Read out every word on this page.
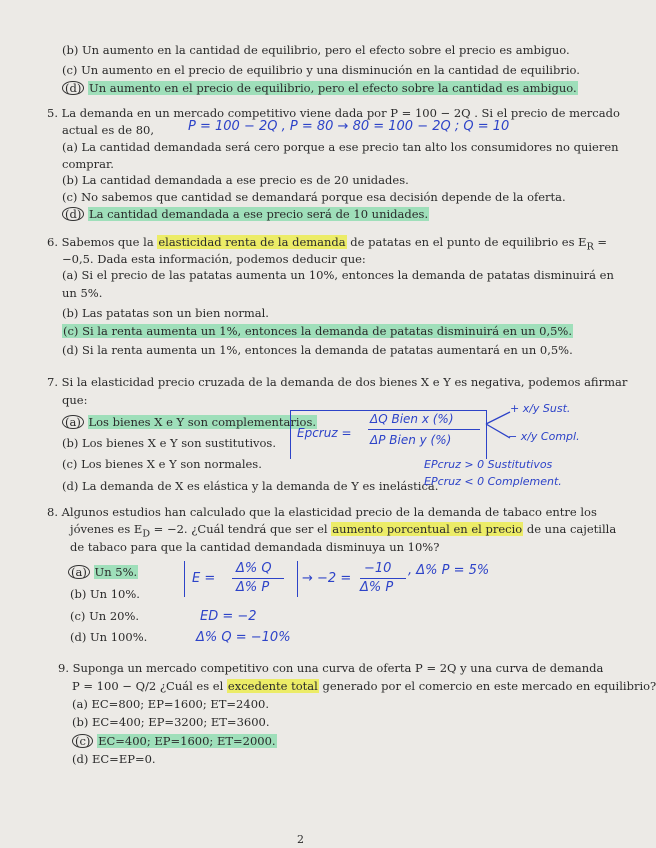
(b) Un aumento en la cantidad de equilibrio, pero el efecto sobre el precio es ambiguo.
(c) Un aumento en el precio de equilibrio y una disminución en la cantidad de equilibrio.
(d) Un aumento en el precio de equilibrio, pero el efecto sobre la cantidad es ambiguo.
5. La demanda en un mercado competitivo viene dada por P = 100 − 2Q . Si el precio de mercado
actual es de 80,	P = 100 − 2Q , P = 80 → 80 = 100 − 2Q ; Q = 10
(a) La cantidad demandada será cero porque a ese precio tan alto los consumidores no quieren
comprar.
(b) La cantidad demandada a ese precio es de 20 unidades.
(c) No sabemos que cantidad se demandará porque esa decisión depende de la oferta.
(d) La cantidad demandada a ese precio será de 10 unidades.
6. Sabemos que la elasticidad renta de la demanda de patatas en el punto de equilibrio es $E_R$ =
−0,5. Dada esta información, podemos deducir que:
(a) Si el precio de las patatas aumenta un 10%, entonces la demanda de patatas disminuirá en
un 5%.
(b) Las patatas son un bien normal.
(c) Si la renta aumenta un 1%, entonces la demanda de patatas disminuirá en un 0,5%.
(d) Si la renta aumenta un 1%, entonces la demanda de patatas aumentará en un 0,5%.
7. Si la elasticidad precio cruzada de la demanda de dos bienes X e Y es negativa, podemos afirmar
que:
(a) Los bienes X e Y son complementarios.
(b) Los bienes X e Y son sustitutivos.
(c) Los bienes X e Y son normales.
(d) La demanda de X es elástica y la demanda de Y es inelástica.
Epcruz =
ΔQ Bien x (%)
ΔP Bien y (%)
+ x/y Sust.
− x/y Compl.
EPcruz > 0 Sustitutivos
EPcruz < 0 Complement.
8. Algunos estudios han calculado que la elasticidad precio de la demanda de tabaco entre los
jóvenes es $E_D = -2$. ¿Cuál tendrá que ser el aumento porcentual en el precio de una cajetilla
de tabaco para que la cantidad demandada disminuya un 10%?
(a) Un 5%.
(b) Un 10%.
(c) Un 20%.
(d) Un 100%.
E =
Δ% Q
Δ% P
→ −2 =
−10
Δ% P
, Δ% P = 5%
ED = −2
Δ% Q = −10%
9. Suponga un mercado competitivo con una curva de oferta P = 2Q y una curva de demanda
P = 100 − Q/2 ¿Cuál es el excedente total generado por el comercio en este mercado en equilibrio?
(a) EC=800; EP=1600; ET=2400.
(b) EC=400; EP=3200; ET=3600.
(c) EC=400; EP=1600; ET=2000.
(d) EC=EP=0.
2
